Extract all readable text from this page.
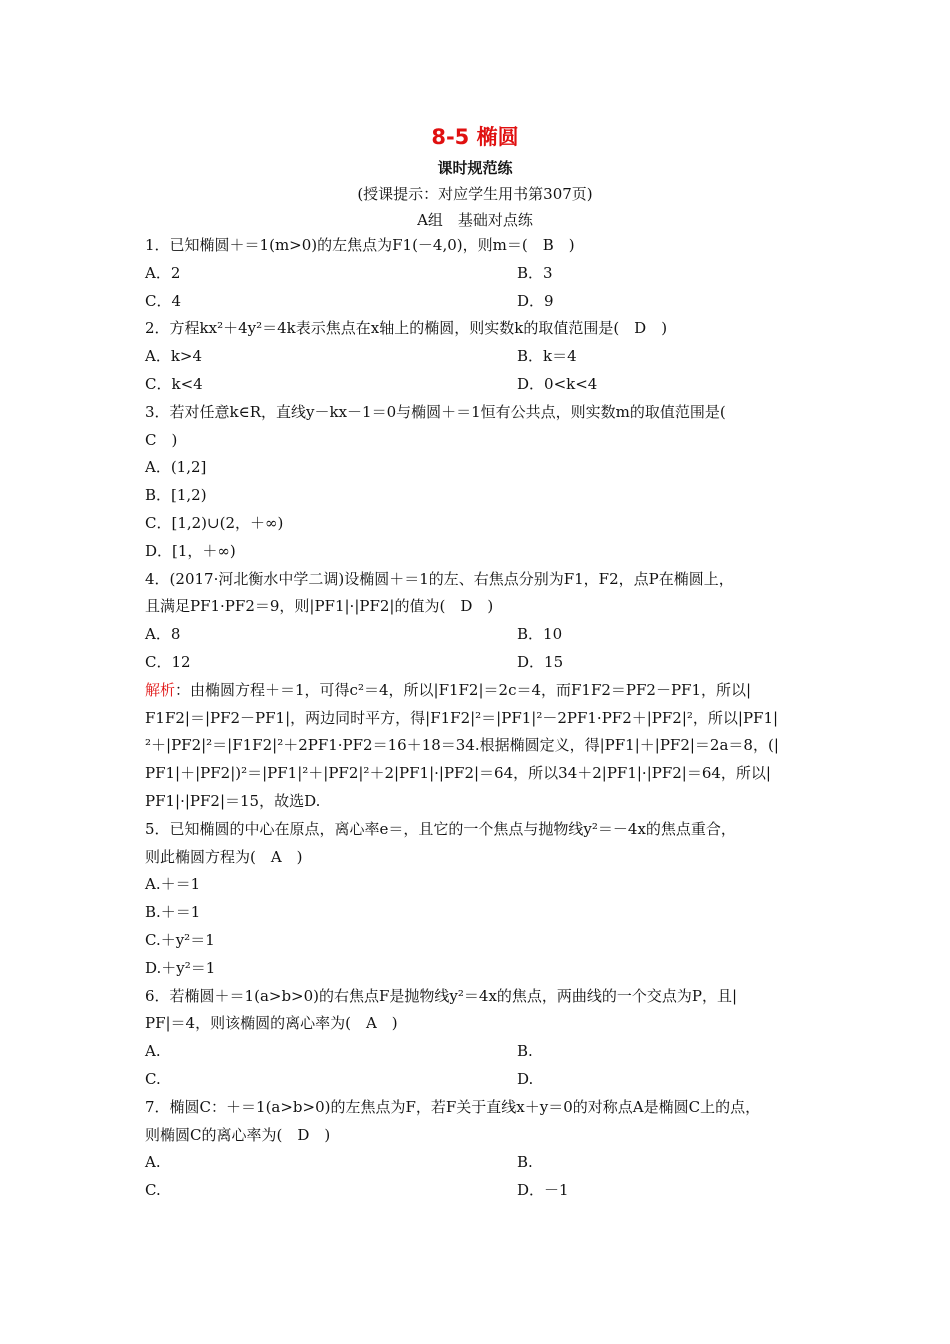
8-5 椭圆
课时规范练
(授课提示：对应学生用书第307页)
A组　基础对点练
1．已知椭圆＋＝1(m>0)的左焦点为F1(－4,0)，则m＝(　B　)
A．2	B．3
C．4	D．9
2．方程kx²＋4y²＝4k表示焦点在x轴上的椭圆，则实数k的取值范围是(　D　)
A．k>4	B．k＝4
C．k<4	D．0<k<4
3．若对任意k∈R，直线y－kx－1＝0与椭圆＋＝1恒有公共点，则实数m的取值范围是(
C　)
A．(1,2]
B．[1,2)
C．[1,2)∪(2，＋∞)
D．[1，＋∞)
4．(2017·河北衡水中学二调)设椭圆＋＝1的左、右焦点分别为F1，F2，点P在椭圆上，
且满足PF1·PF2＝9，则|PF1|·|PF2|的值为(　D　)
A．8	B．10
C．12	D．15
解析：由椭圆方程＋＝1，可得c²＝4，所以|F1F2|＝2c＝4，而F1F2＝PF2－PF1，所以|
F1F2|＝|PF2－PF1|，两边同时平方，得|F1F2|²＝|PF1|²－2PF1·PF2＋|PF2|²，所以|PF1|
²＋|PF2|²＝|F1F2|²＋2PF1·PF2＝16＋18＝34.根据椭圆定义，得|PF1|＋|PF2|＝2a＝8，(|
PF1|＋|PF2|)²＝|PF1|²＋|PF2|²＋2|PF1|·|PF2|＝64，所以34＋2|PF1|·|PF2|＝64，所以|
PF1|·|PF2|＝15，故选D.
5．已知椭圆的中心在原点，离心率e＝，且它的一个焦点与抛物线y²＝－4x的焦点重合，
则此椭圆方程为(　A　)
A.＋＝1
B.＋＝1
C.＋y²＝1
D.＋y²＝1
6．若椭圆＋＝1(a>b>0)的右焦点F是抛物线y²＝4x的焦点，两曲线的一个交点为P，且|
PF|＝4，则该椭圆的离心率为(　A　)
A.	B.
C.	D.
7．椭圆C：＋＝1(a>b>0)的左焦点为F，若F关于直线x＋y＝0的对称点A是椭圆C上的点，
则椭圆C的离心率为(　D　)
A.	B.
C.	D．－1
